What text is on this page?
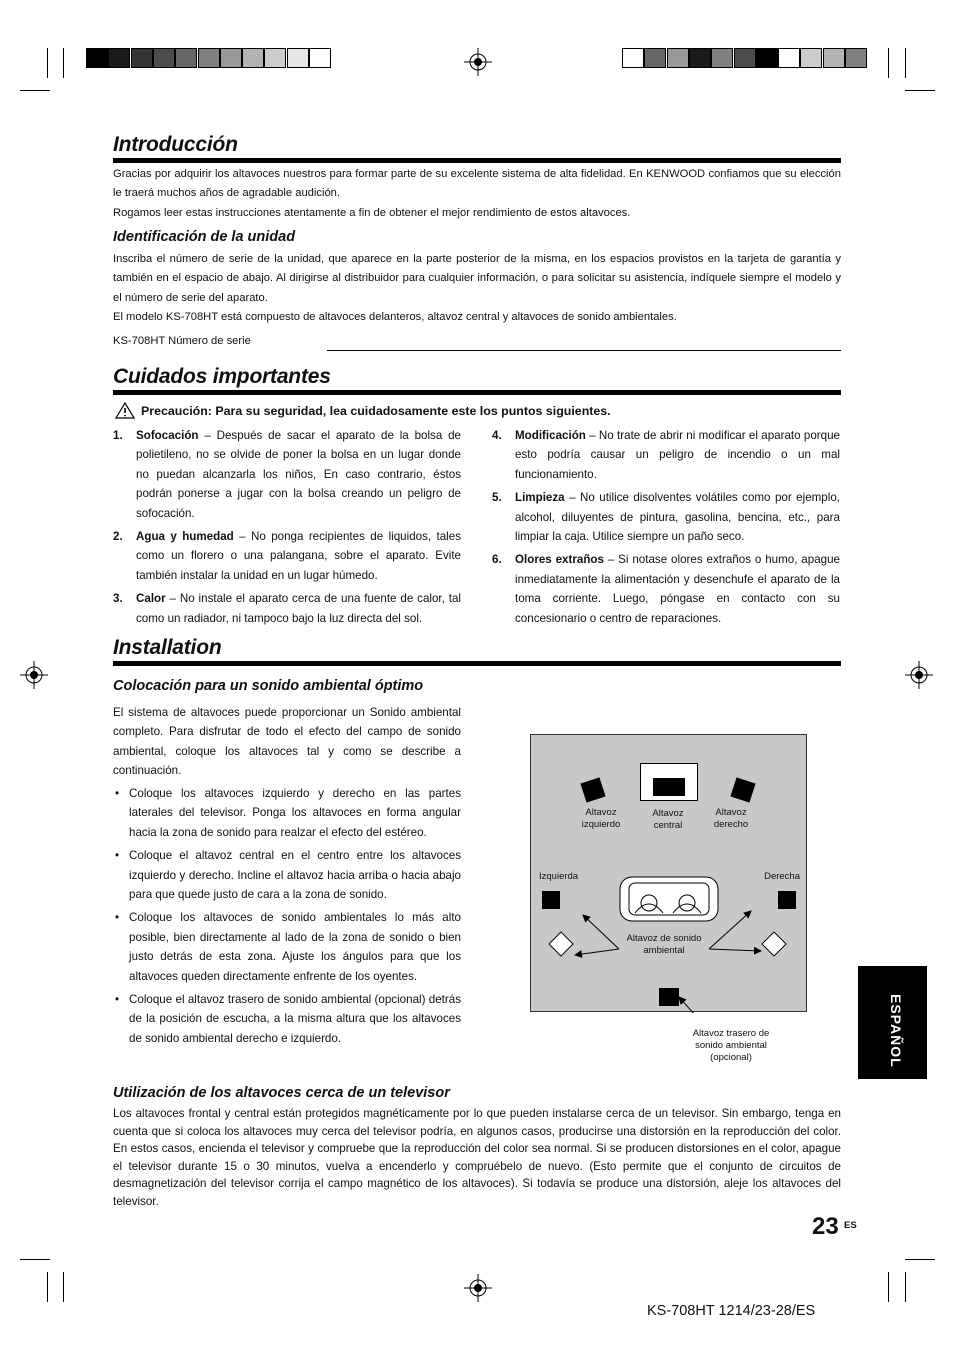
Introducción

Gracias por adquirir los altavoces nuestros para formar parte de su excelente sistema de alta fidelidad. En KENWOOD confiamos que su elección le traerá muchos años de agradable audición.

Rogamos leer estas instrucciones atentamente a fin de obtener el mejor rendimiento de estos altavoces.

Identificación de la unidad

Inscriba el número de serie de la unidad, que aparece en la parte posterior de la misma, en los espacios provistos en la tarjeta de garantía y también en el espacio de abajo. Al dirigirse al distribuidor para cualquier información, o para solicitar su asistencia, indíquele siempre el modelo y el número de serie del aparato.

El modelo KS-708HT está compuesto de altavoces delanteros, altavoz central y altavoces de sonido ambientales.

KS-708HT Número de serie

Cuidados importantes
Precaución: Para su seguridad, lea cuidadosamente este los puntos siguientes.
1. Sofocación – Después de sacar el aparato de la bolsa de polietileno, no se olvide de poner la bolsa en un lugar donde no puedan alcanzarla los niños, En caso contrario, éstos podrán ponerse a jugar con la bolsa creando un peligro de sofocación.
2. Agua y humedad – No ponga recipientes de liquidos, tales como un florero o una palangana, sobre el aparato. Evite también instalar la unidad en un lugar húmedo.
3. Calor – No instale el aparato cerca de una fuente de calor, tal como un radiador, ni tampoco bajo la luz directa del sol.
4. Modificación – No trate de abrir ni modificar el aparato porque esto podría causar un peligro de incendio o un mal funcionamiento.
5. Limpieza – No utilice disolventes volátiles como por ejemplo, alcohol, diluyentes de pintura, gasolina, bencina, etc., para limpiar la caja. Utilice siempre un paño seco.
6. Olores extraños – Si notase olores extraños o humo, apague inmediatamente la alimentación y desenchufe el aparato de la toma corriente. Luego, póngase en contacto con su concesionario o centro de reparaciones.
Installation
Colocación para un sonido ambiental óptimo

El sistema de altavoces puede proporcionar un Sonido ambiental completo. Para disfrutar de todo el efecto del campo de sonido ambiental, coloque los altavoces tal y como se describe a continuación.

• Coloque los altavoces izquierdo y derecho en las partes laterales del televisor. Ponga los altavoces en forma angular hacia la zona de sonido para realzar el efecto del estéreo.
• Coloque el altavoz central en el centro entre los altavoces izquierdo y derecho. Incline el altavoz hacia arriba o hacia abajo para que quede justo de cara a la zona de sonido.
• Coloque los altavoces de sonido ambientales lo más alto posible, bien directamente al lado de la zona de sonido o bien justo detrás de esta zona. Ajuste los ángulos para que los altavoces queden directamente enfrente de los oyentes.
• Coloque el altavoz trasero de sonido ambiental (opcional) detrás de la posición de escucha, a la misma altura que los altavoces de sonido ambiental derecho e izquierdo.
Altavoz
izquierdo
Altavoz
central
Altavoz
derecho
Izquierda	Derecha
Altavoz de sonido
ambiental
Altavoz trasero de
sonido ambiental
(opcional)
Utilización de los altavoces cerca de un televisor

Los altavoces frontal y central están protegidos magnéticamente por lo que pueden instalarse cerca de un televisor. Sin embargo, tenga en cuenta que si coloca los altavoces muy cerca del televisor podría, en algunos casos, producirse una distorsión en la reproducción del color. En estos casos, encienda el televisor y compruebe que la reproducción del color sea normal. Si se producen distorsiones en el color, apague el televisor durante 15 o 30 minutos, vuelva a encenderlo y compruébelo de nuevo. (Esto permite que el conjunto de circuitos de desmagnetización del televisor corrija el campo magnético de los altavoces). Si todavía se produce una distorsión, aleje los altavoces del televisor.

ESPAÑOL
23 ES
KS-708HT 1214/23-28/ES
